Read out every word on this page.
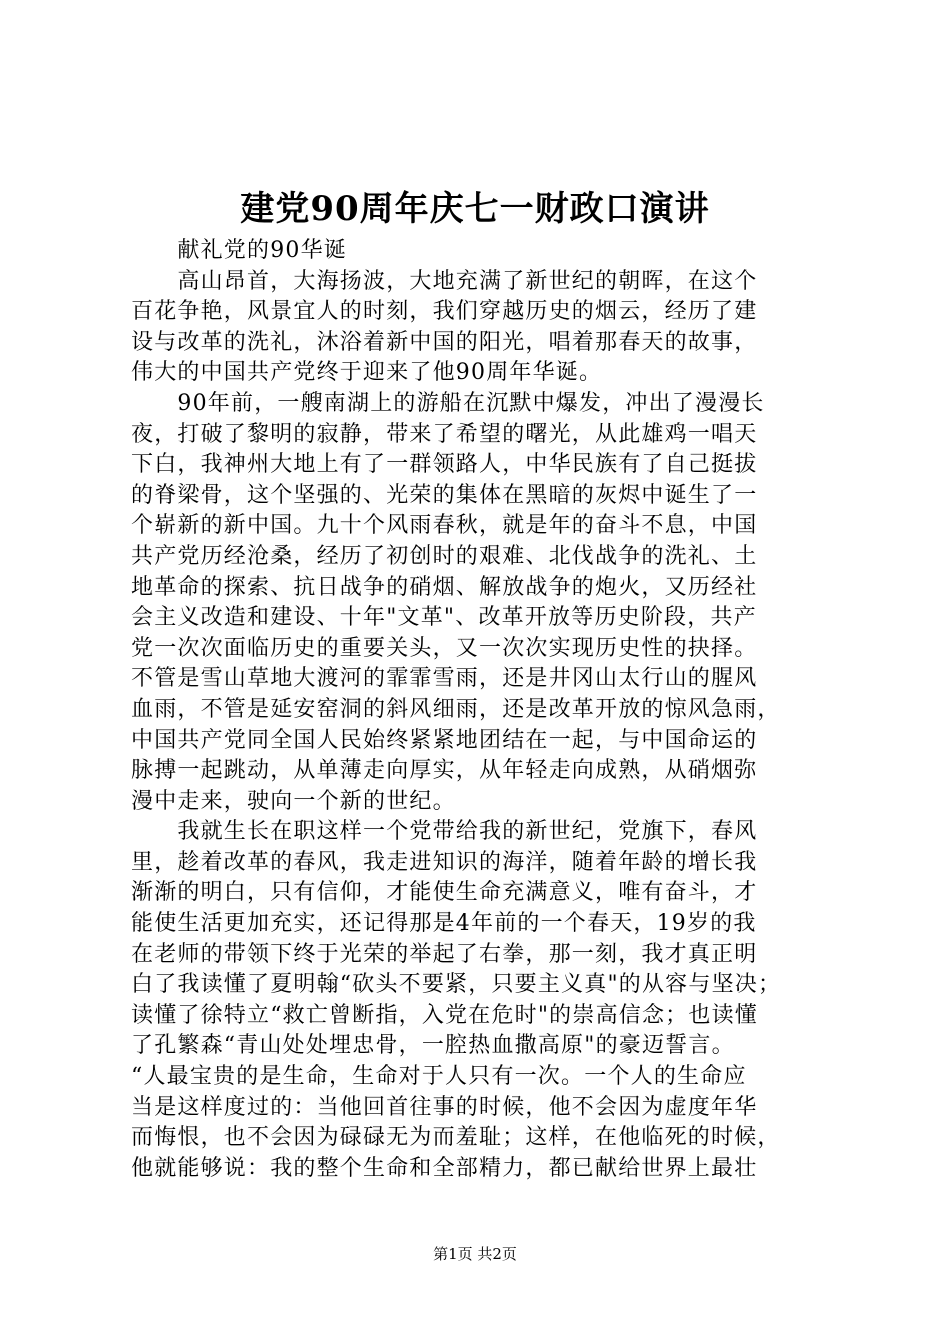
建党90周年庆七一财政口演讲
　　献礼党的90华诞
　　高山昂首，大海扬波，大地充满了新世纪的朝晖，在这个
百花争艳，风景宜人的时刻，我们穿越历史的烟云，经历了建
设与改革的洗礼，沐浴着新中国的阳光，唱着那春天的故事，
伟大的中国共产党终于迎来了他90周年华诞。
　　90年前，一艘南湖上的游船在沉默中爆发，冲出了漫漫长
夜，打破了黎明的寂静，带来了希望的曙光，从此雄鸡一唱天
下白，我神州大地上有了一群领路人，中华民族有了自己挺拔
的脊梁骨，这个坚强的、光荣的集体在黑暗的灰烬中诞生了一
个崭新的新中国。九十个风雨春秋，就是年的奋斗不息，中国
共产党历经沧桑，经历了初创时的艰难、北伐战争的洗礼、土
地革命的探索、抗日战争的硝烟、解放战争的炮火，又历经社
会主义改造和建设、十年"文革"、改革开放等历史阶段，共产
党一次次面临历史的重要关头，又一次次实现历史性的抉择。
不管是雪山草地大渡河的霏霏雪雨，还是井冈山太行山的腥风
血雨，不管是延安窑洞的斜风细雨，还是改革开放的惊风急雨，
中国共产党同全国人民始终紧紧地团结在一起，与中国命运的
脉搏一起跳动，从单薄走向厚实，从年轻走向成熟，从硝烟弥
漫中走来，驶向一个新的世纪。
　　我就生长在职这样一个党带给我的新世纪，党旗下，春风
里，趁着改革的春风，我走进知识的海洋，随着年龄的增长我
渐渐的明白，只有信仰，才能使生命充满意义，唯有奋斗，才
能使生活更加充实，还记得那是4年前的一个春天，19岁的我
在老师的带领下终于光荣的举起了右拳，那一刻，我才真正明
白了我读懂了夏明翰“砍头不要紧，只要主义真"的从容与坚决；
读懂了徐特立“救亡曾断指，入党在危时"的崇高信念；也读懂
了孔繁森“青山处处埋忠骨，一腔热血撒高原"的豪迈誓言。
“人最宝贵的是生命，生命对于人只有一次。一个人的生命应
当是这样度过的：当他回首往事的时候，他不会因为虚度年华
而悔恨，也不会因为碌碌无为而羞耻；这样，在他临死的时候，
他就能够说：我的整个生命和全部精力，都已献给世界上最壮
第1页 共2页
